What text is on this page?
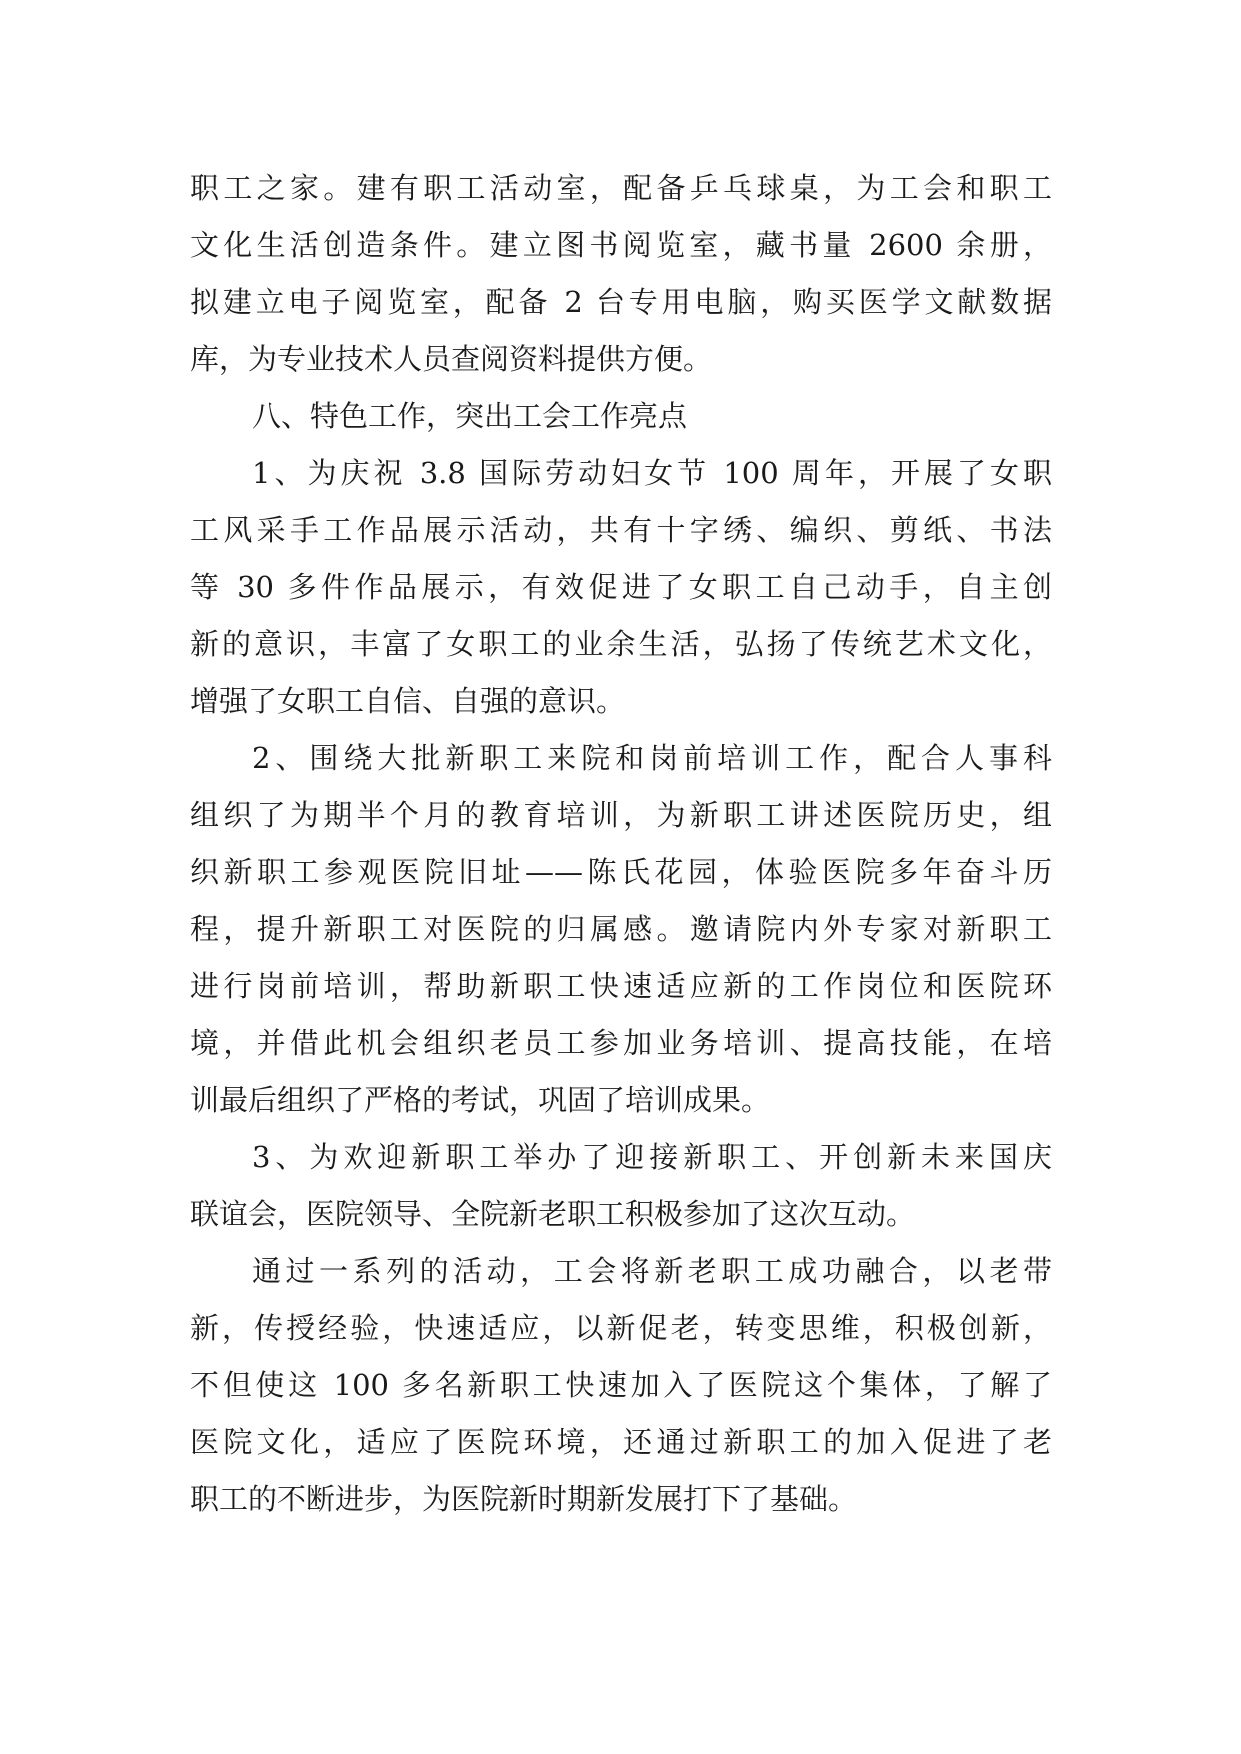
职工之家。建有职工活动室，配备乒乓球桌，为工会和职工
文化生活创造条件。建立图书阅览室，藏书量 2600 余册，
拟建立电子阅览室，配备 2 台专用电脑，购买医学文献数据
库，为专业技术人员查阅资料提供方便。
八、特色工作，突出工会工作亮点
1、为庆祝 3.8 国际劳动妇女节 100 周年，开展了女职
工风采手工作品展示活动，共有十字绣、编织、剪纸、书法
等 30 多件作品展示，有效促进了女职工自己动手，自主创
新的意识，丰富了女职工的业余生活，弘扬了传统艺术文化，
增强了女职工自信、自强的意识。
2、围绕大批新职工来院和岗前培训工作，配合人事科
组织了为期半个月的教育培训，为新职工讲述医院历史，组
织新职工参观医院旧址——陈氏花园，体验医院多年奋斗历
程，提升新职工对医院的归属感。邀请院内外专家对新职工
进行岗前培训，帮助新职工快速适应新的工作岗位和医院环
境，并借此机会组织老员工参加业务培训、提高技能，在培
训最后组织了严格的考试，巩固了培训成果。
3、为欢迎新职工举办了迎接新职工、开创新未来国庆
联谊会，医院领导、全院新老职工积极参加了这次互动。
通过一系列的活动，工会将新老职工成功融合，以老带
新，传授经验，快速适应，以新促老，转变思维，积极创新，
不但使这 100 多名新职工快速加入了医院这个集体，了解了
医院文化，适应了医院环境，还通过新职工的加入促进了老
职工的不断进步，为医院新时期新发展打下了基础。
